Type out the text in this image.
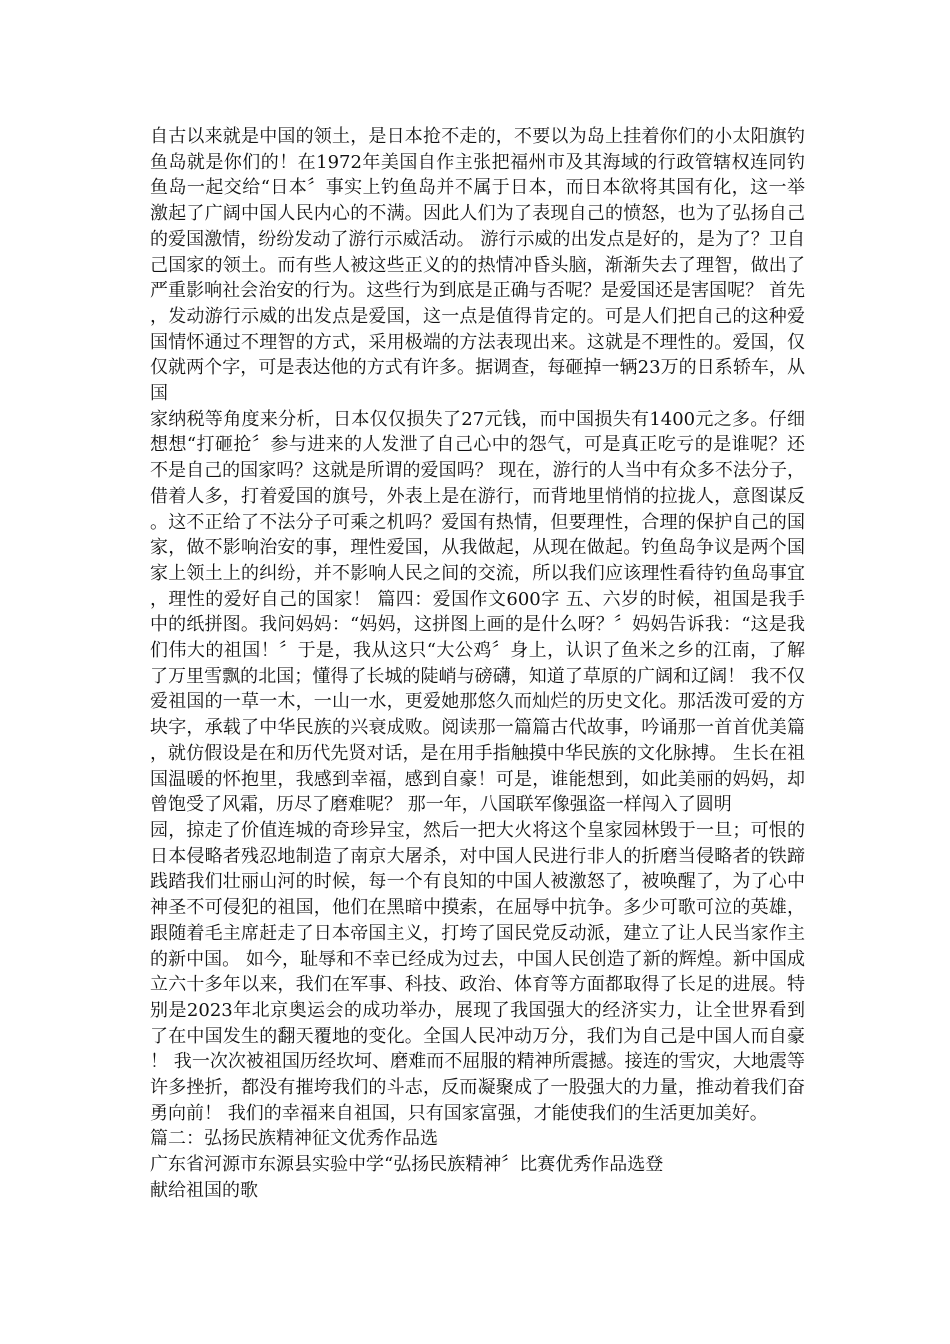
自古以来就是中国的领土，是日本抢不走的，不要以为岛上挂着你们的小太阳旗钓鱼岛就是你们的！在1972年美国自作主张把福州市及其海域的行政管辖权连同钓鱼岛一起交给“日本〞事实上钓鱼岛并不属于日本，而日本欲将其国有化，这一举激起了广阔中国人民内心的不满。因此人们为了表现自己的愤怒，也为了弘扬自己的爱国激情，纷纷发动了游行示威活动。 游行示威的出发点是好的，是为了？卫自己国家的领土。而有些人被这些正义的的热情冲昏头脑，渐渐失去了理智，做出了严重影响社会治安的行为。这些行为到底是正确与否呢？是爱国还是害国呢？ 首先，发动游行示威的出发点是爱国，这一点是值得肯定的。可是人们把自己的这种爱国情怀通过不理智的方式，采用极端的方法表现出来。这就是不理性的。爱国，仅仅就两个字，可是表达他的方式有许多。据调查，每砸掉一辆23万的日系轿车，从国

家纳税等角度来分析，日本仅仅损失了27元钱，而中国损失有1400元之多。仔细想想“打砸抢〞参与进来的人发泄了自己心中的怨气，可是真正吃亏的是谁呢？还不是自己的国家吗？这就是所谓的爱国吗？ 现在，游行的人当中有众多不法分子，借着人多，打着爱国的旗号，外表上是在游行，而背地里悄悄的拉拢人，意图谋反。这不正给了不法分子可乘之机吗？爱国有热情，但要理性，合理的保护自己的国家，做不影响治安的事，理性爱国，从我做起，从现在做起。钓鱼岛争议是两个国家上领土上的纠纷，并不影响人民之间的交流，所以我们应该理性看待钓鱼岛事宜，理性的爱好自己的国家！ 篇四：爱国作文600字 五、六岁的时候，祖国是我手中的纸拼图。我问妈妈：“妈妈，这拼图上画的是什么呀？〞妈妈告诉我：“这是我们伟大的祖国！〞于是，我从这只“大公鸡〞身上，认识了鱼米之乡的江南，了解了万里雪飘的北国；懂得了长城的陡峭与磅礴，知道了草原的广阔和辽阔！ 我不仅爱祖国的一草一木，一山一水，更爱她那悠久而灿烂的历史文化。那活泼可爱的方块字，承载了中华民族的兴衰成败。阅读那一篇篇古代故事，吟诵那一首首优美篇，就仿假设是在和历代先贤对话，是在用手指触摸中华民族的文化脉搏。 生长在祖国温暖的怀抱里，我感到幸福，感到自豪！可是，谁能想到，如此美丽的妈妈，却曾饱受了风霜，历尽了磨难呢？ 那一年，八国联军像强盗一样闯入了圆明

园，掠走了价值连城的奇珍异宝，然后一把大火将这个皇家园林毁于一旦；可恨的日本侵略者残忍地制造了南京大屠杀，对中国人民进行非人的折磨当侵略者的铁蹄践踏我们壮丽山河的时候，每一个有良知的中国人被激怒了，被唤醒了，为了心中神圣不可侵犯的祖国，他们在黑暗中摸索，在屈辱中抗争。多少可歌可泣的英雄，跟随着毛主席赶走了日本帝国主义，打垮了国民党反动派，建立了让人民当家作主的新中国。 如今，耻辱和不幸已经成为过去，中国人民创造了新的辉煌。新中国成立六十多年以来，我们在军事、科技、政治、体育等方面都取得了长足的进展。特别是2023年北京奥运会的成功举办，展现了我国强大的经济实力，让全世界看到了在中国发生的翻天覆地的变化。全国人民冲动万分，我们为自己是中国人而自豪！ 我一次次被祖国历经坎坷、磨难而不屈服的精神所震撼。接连的雪灾，大地震等许多挫折，都没有摧垮我们的斗志，反而凝聚成了一股强大的力量，推动着我们奋勇向前！ 我们的幸福来自祖国，只有国家富强，才能使我们的生活更加美好。

篇二：弘扬民族精神征文优秀作品选

广东省河源市东源县实验中学“弘扬民族精神〞比赛优秀作品选登

献给祖国的歌
